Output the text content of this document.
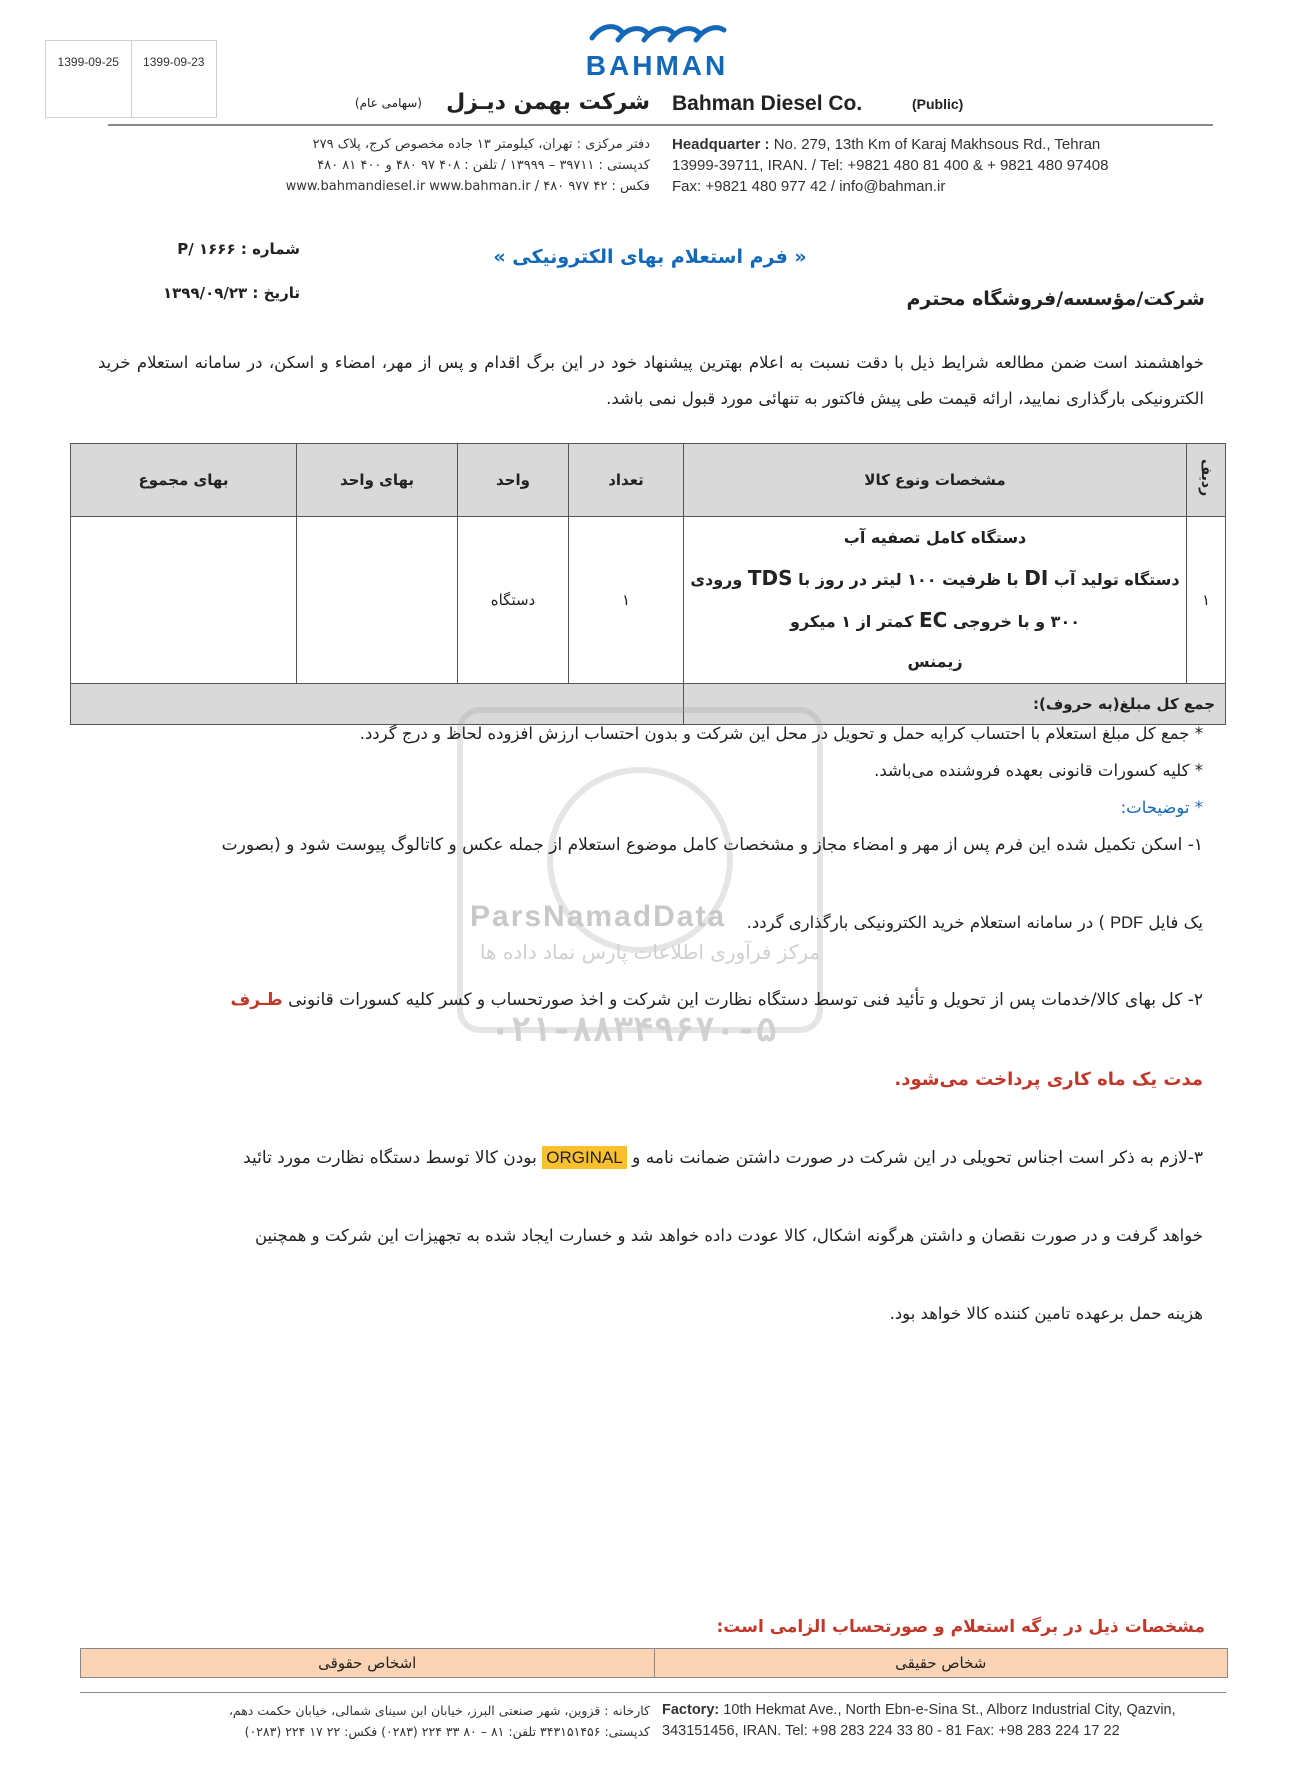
1399-09-25	1399-09-23	BAHMAN
Bahman Diesel Co.	(Public)
شرکت بهمن دیـزل
(سهامی عام)
Headquarter : No. 279, 13th Km of Karaj Makhsous Rd., Tehran
13999-39711, IRAN. / Tel: +9821 480 81 400 & + 9821 480 97408
Fax: +9821 480 977 42 / info@bahman.ir
دفتر مرکزی : تهران، کیلومتر ۱۳ جاده مخصوص کرج، پلاک ۲۷۹
کدپستی : ۳۹۷۱۱ – ۱۳۹۹۹ / تلفن : ۴۰۸ ۹۷ ۴۸۰ و ۴۰۰ ۸۱ ۴۸۰
فکس : ۴۲ ۹۷۷ ۴۸۰ / www.bahmandiesel.ir www.bahman.ir
« فرم استعلام بهای الکترونیکی »
شماره : ۱۶۶۶ /P
تاریخ : ۱۳۹۹/۰۹/۲۳	شرکت/مؤسسه/فروشگاه محترم
خواهشمند است ضمن مطالعه شرایط ذیل با دقت نسبت به اعلام بهترین پیشنهاد خود در این برگ اقدام و پس از مهر، امضاء و اسکن، در سامانه استعلام خرید الکترونیکی بارگذاری نمایید، ارائه قیمت طی پیش فاکتور به تنهائی مورد قبول نمی باشد.
ردیف	مشخصات ونوع کالا	تعداد	واحد	بهای واحد	بهای مجموع
۱	دستگاه کامل تصفیه آب
دستگاه تولید آب DI با ظرفیت ۱۰۰ لیتر در روز با TDS ورودی
۳۰۰ و با خروجی EC کمتر از ۱ میکرو
زیمنس	۱	دستگاه		
جمع کل مبلغ(به حروف):					
ParsNamadData
مرکز فرآوری اطلاعات پارس نماد داده ها
۰۲۱-۸۸۳۴۹۶۷۰-۵
* جمع کل مبلغ استعلام با احتساب کرایه حمل و تحویل در محل این شرکت و بدون احتساب ارزش افزوده لحاظ و درج گردد.
* کلیه کسورات قانونی بعهده فروشنده می‌باشد.
* توضیحات:
۱- اسکن تکمیل شده این فرم پس از مهر و امضاء مجاز و مشخصات کامل موضوع استعلام از جمله عکس و کاتالوگ پیوست شود و (بصورت
یک فایل PDF ) در سامانه استعلام خرید الکترونیکی بارگذاری گردد.
۲- کل بهای کالا/خدمات پس از تحویل و تأئید فنی توسط دستگاه نظارت این شرکت و اخذ صورتحساب و کسر کلیه کسورات قانونی طـرف
مدت یک ماه کاری پرداخت می‌شود.
۳-لازم به ذکر است اجناس تحویلی در این شرکت در صورت داشتن ضمانت نامه و ORGINAL بودن کالا توسط دستگاه نظارت مورد تائید
خواهد گرفت و در صورت نقصان و داشتن هرگونه اشکال، کالا عودت داده خواهد شد و خسارت ایجاد شده به تجهیزات این شرکت و همچنین
هزینه حمل برعهده تامین کننده کالا خواهد بود.
مشخصات ذیل در برگه استعلام و صورتحساب الزامی است:
اشخاص حقوقی	شخاص حقیقی
Factory: 10th Hekmat Ave., North Ebn-e-Sina St., Alborz Industrial City, Qazvin,
343151456, IRAN. Tel: +98 283 224 33 80 - 81 Fax: +98 283 224 17 22
کارخانه : قزوین، شهر صنعتی البرز، خیابان ابن سینای شمالی، خیابان حکمت دهم،
کدپستی: ۳۴۳۱۵۱۴۵۶ تلفن: ۸۱ – ۸۰ ۳۳ ۲۲۴ (۰۲۸۳) فکس: ۲۲ ۱۷ ۲۲۴ (۰۲۸۳)
